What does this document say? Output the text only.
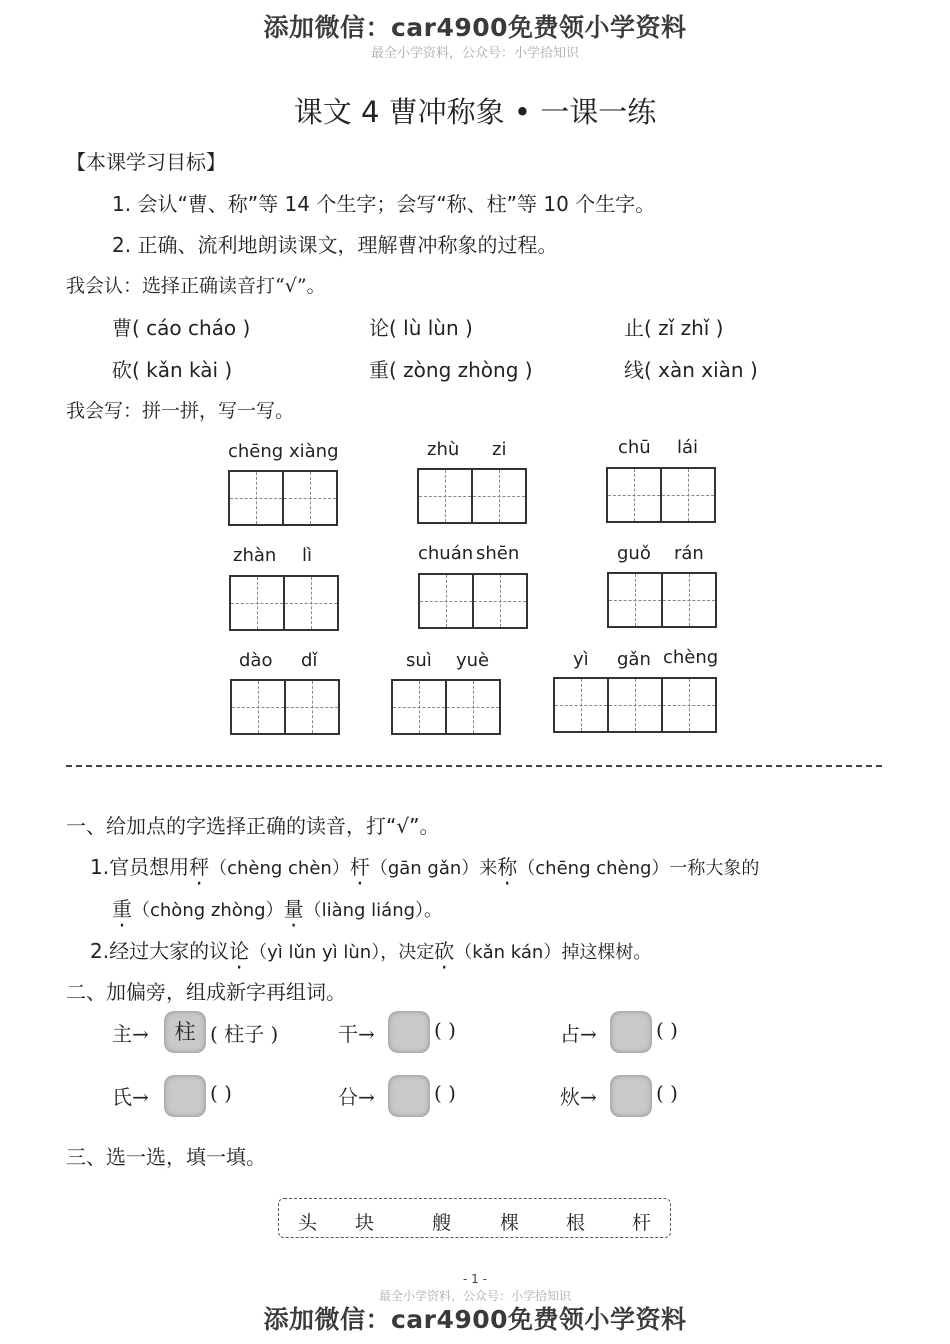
添加微信：car4900免费领小学资料
最全小学资料，公众号：小学拾知识
课文 4 曹冲称象 • 一课一练
【本课学习目标】
1. 会认“曹、称”等 14 个生字；会写“称、柱”等 10 个生字。
2. 正确、流利地朗读课文，理解曹冲称象的过程。
我会认：选择正确读音打“√”。
曹( cáo cháo )	论( lù lùn )	止( zǐ zhǐ )
砍( kǎn kài )	重( zòng zhòng )	线( xàn xiàn )
我会写：拼一拼，写一写。
chēng xiàng	zhù zi	chū lái
zhàn lì	chuán shēn	guǒ rán
dào dǐ	suì yuè	yì gǎn chèng
一、给加点的字选择正确的读音，打“√”。
1.官员想用秤（chèng chèn）杆（gān gǎn）来称（chēng chèng）一称大象的
重（chòng zhòng）量（liàng liáng）。
2.经过大家的议论（yì lǔn yì lùn），决定砍（kǎn kán）掉这棵树。
二、加偏旁，组成新字再组词。
主→	柱 ( 柱子 )	干→	( )	占→	( )
氏→	( )	㕣→	( )	炏→	( )
三、选一选，填一填。
头 块	艘	棵 根 杆
- 1 -
最全小学资料，公众号：小学拾知识
添加微信：car4900免费领小学资料
